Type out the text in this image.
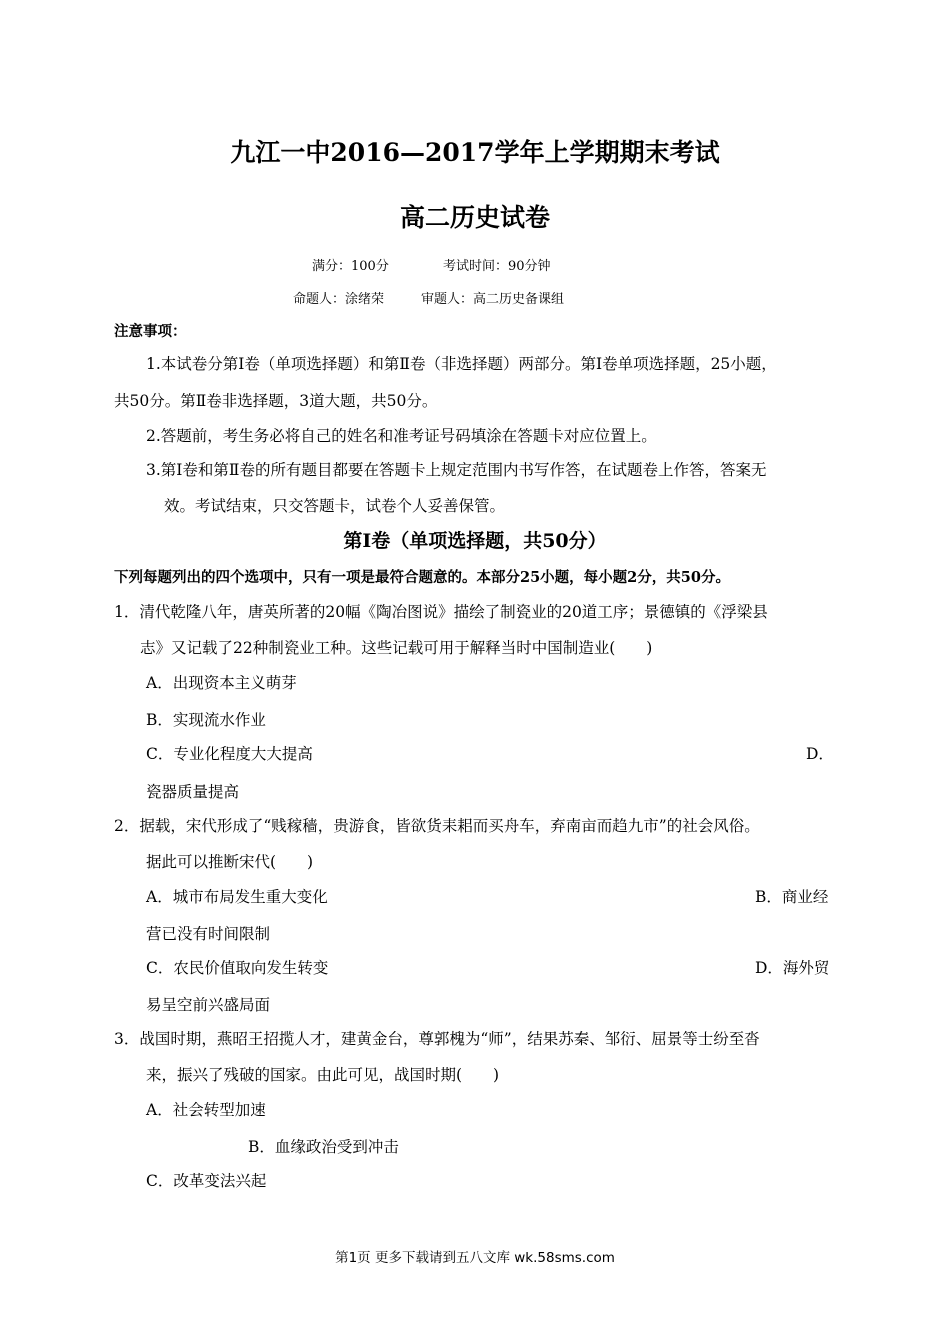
九江一中2016—2017学年上学期期末考试
高二历史试卷
满分：100分	考试时间：90分钟
命题人：涂绪荣	审题人：高二历史备课组
注意事项：
1.本试卷分第Ⅰ卷（单项选择题）和第Ⅱ卷（非选择题）两部分。第Ⅰ卷单项选择题，25小题，
共50分。第Ⅱ卷非选择题，3道大题，共50分。
2.答题前，考生务必将自己的姓名和准考证号码填涂在答题卡对应位置上。
3.第Ⅰ卷和第Ⅱ卷的所有题目都要在答题卡上规定范围内书写作答，在试题卷上作答，答案无
效。考试结束，只交答题卡，试卷个人妥善保管。
第Ⅰ卷（单项选择题，共50分）
下列每题列出的四个选项中，只有一项是最符合题意的。本部分25小题，每小题2分，共50分。
1．清代乾隆八年，唐英所著的20幅《陶冶图说》描绘了制瓷业的20道工序；景德镇的《浮梁县
志》又记载了22种制瓷业工种。这些记载可用于解释当时中国制造业(　　)
A．出现资本主义萌芽
B．实现流水作业
C．专业化程度大大提高	D．
瓷器质量提高
2．据载，宋代形成了“贱稼穑，贵游食，皆欲货耒耜而买舟车，弃南亩而趋九市”的社会风俗。
据此可以推断宋代(　　)
A．城市布局发生重大变化	B．商业经
营已没有时间限制
C．农民价值取向发生转变	D．海外贸
易呈空前兴盛局面
3．战国时期，燕昭王招揽人才，建黄金台，尊郭槐为“师”，结果苏秦、邹衍、屈景等士纷至沓
来，振兴了残破的国家。由此可见，战国时期(　　)
A．社会转型加速
B．血缘政治受到冲击
C．改革变法兴起
第1页 更多下载请到五八文库 wk.58sms.com
